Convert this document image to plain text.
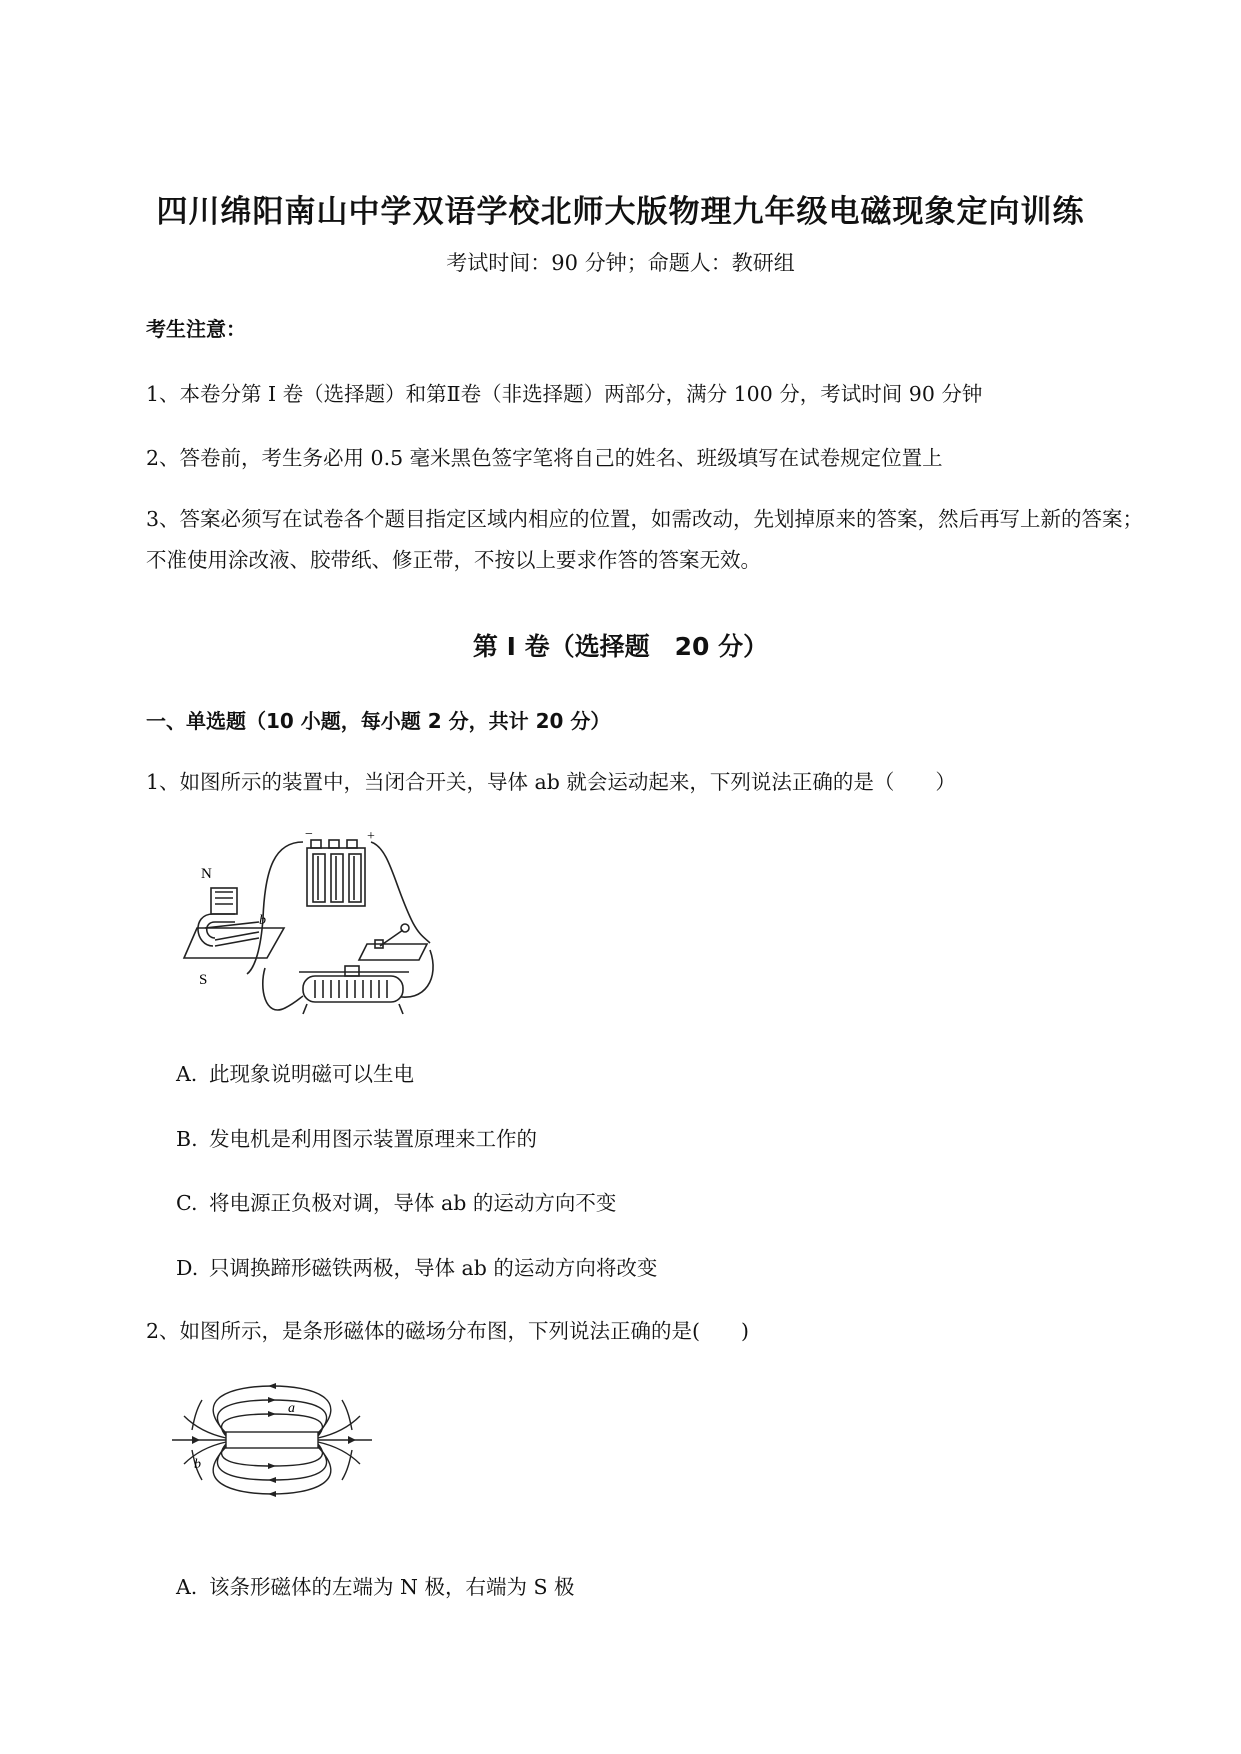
四川绵阳南山中学双语学校北师大版物理九年级电磁现象定向训练
考试时间：90 分钟；命题人：教研组
考生注意：
1、本卷分第 I 卷（选择题）和第Ⅱ卷（非选择题）两部分，满分 100 分，考试时间 90 分钟
2、答卷前，考生务必用 0.5 毫米黑色签字笔将自己的姓名、班级填写在试卷规定位置上
3、答案必须写在试卷各个题目指定区域内相应的位置，如需改动，先划掉原来的答案，然后再写上新的答案；不准使用涂改液、胶带纸、修正带，不按以上要求作答的答案无效。
第 I 卷（选择题　20 分）
一、单选题（10 小题，每小题 2 分，共计 20 分）
1、如图所示的装置中，当闭合开关，导体 ab 就会运动起来，下列说法正确的是（　　）
N
S
b
−	+
A. 此现象说明磁可以生电
B. 发电机是利用图示装置原理来工作的
C. 将电源正负极对调，导体 ab 的运动方向不变
D. 只调换蹄形磁铁两极，导体 ab 的运动方向将改变
2、如图所示，是条形磁体的磁场分布图，下列说法正确的是(　　)
a
b
A. 该条形磁体的左端为 N 极，右端为 S 极
